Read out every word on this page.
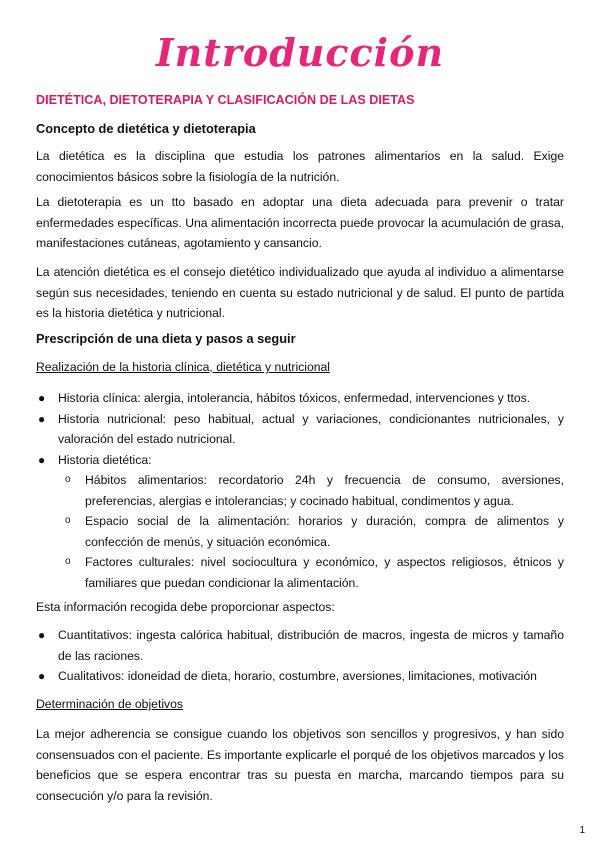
Introducción
DIETÉTICA, DIETOTERAPIA Y CLASIFICACIÓN DE LAS DIETAS
Concepto de dietética y dietoterapia
La dietética es la disciplina que estudia los patrones alimentarios en la salud. Exige conocimientos básicos sobre la fisiología de la nutrición.
La dietoterapia es un tto basado en adoptar una dieta adecuada para prevenir o tratar enfermedades específicas. Una alimentación incorrecta puede provocar la acumulación de grasa, manifestaciones cutáneas, agotamiento y cansancio.
La atención dietética es el consejo dietético individualizado que ayuda al individuo a alimentarse según sus necesidades, teniendo en cuenta su estado nutricional y de salud. El punto de partida es la historia dietética y nutricional.
Prescripción de una dieta y pasos a seguir
Realización de la historia clínica, dietética y nutricional
● Historia clínica: alergia, intolerancia, hábitos tóxicos, enfermedad, intervenciones y ttos.
● Historia nutricional: peso habitual, actual y variaciones, condicionantes nutricionales, y valoración del estado nutricional.
● Historia dietética:
o Hábitos alimentarios: recordatorio 24h y frecuencia de consumo, aversiones, preferencias, alergias e intolerancias; y cocinado habitual, condimentos y agua.
o Espacio social de la alimentación: horarios y duración, compra de alimentos y confección de menús, y situación económica.
o Factores culturales: nivel sociocultura y económico, y aspectos religiosos, étnicos y familiares que puedan condicionar la alimentación.
Esta información recogida debe proporcionar aspectos:
● Cuantitativos: ingesta calórica habitual, distribución de macros, ingesta de micros y tamaño de las raciones.
● Cualitativos: idoneidad de dieta, horario, costumbre, aversiones, limitaciones, motivación
Determinación de objetivos
La mejor adherencia se consigue cuando los objetivos son sencillos y progresivos, y han sido consensuados con el paciente. Es importante explicarle el porqué de los objetivos marcados y los beneficios que se espera encontrar tras su puesta en marcha, marcando tiempos para su consecución y/o para la revisión.
1
